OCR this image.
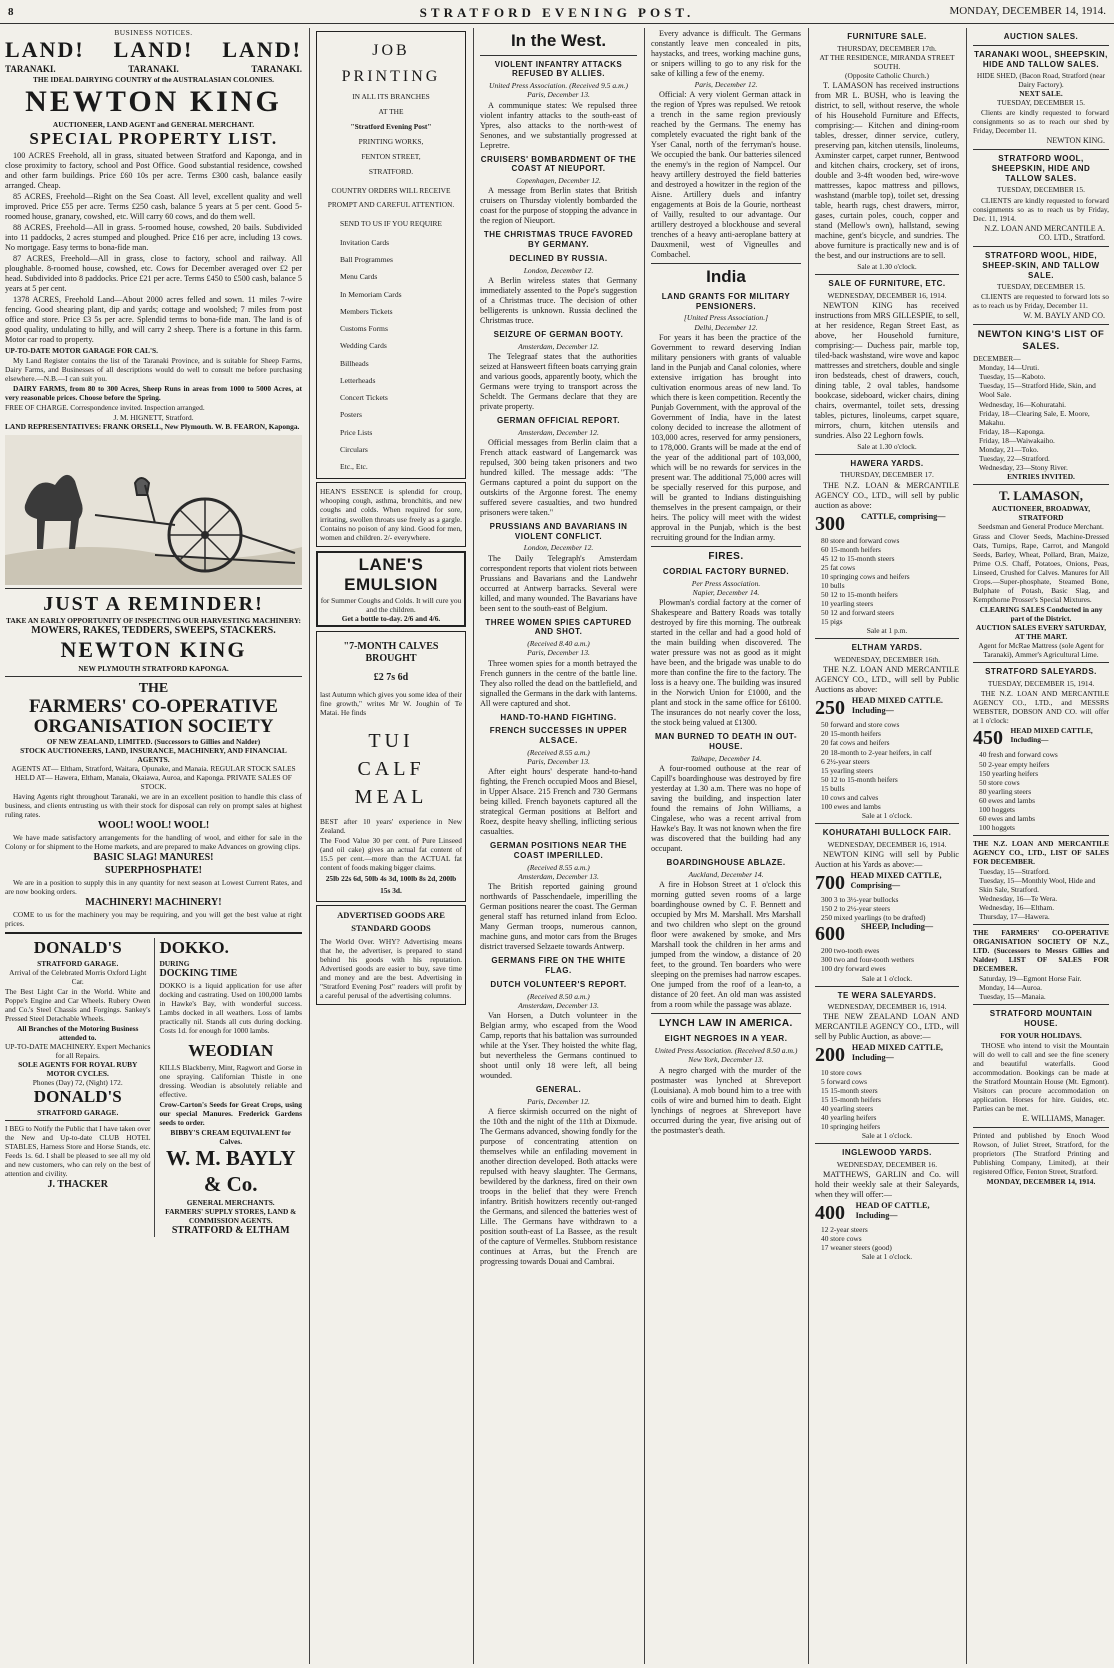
8	STRATFORD EVENING POST.	MONDAY, DECEMBER 14, 1914.
BUSINESS NOTICES.
LAND! LAND! LAND!
TARANAKI.	TARANAKI.	TARANAKI.
THE IDEAL DAIRYING COUNTRY of the AUSTRALASIAN COLONIES.
NEWTON KING
AUCTIONEER, LAND AGENT and GENERAL MERCHANT.
SPECIAL PROPERTY LIST.

100 ACRES Freehold, all in grass, situated between Stratford and Kaponga, and in close proximity to factory, school and Post Office. Good substantial residence, cowshed and other farm buildings. Price £60 10s per acre. Terms £300 cash, balance easily arranged. Cheap.

85 ACRES, Freehold—Right on the Sea Coast. All level, excellent quality and well improved. Price £55 per acre. Terms £250 cash, balance 5 years at 5 per cent. Good 5-roomed house, granary, cowshed, etc. Will carry 60 cows, and do them well.

88 ACRES, Freehold—All in grass. 5-roomed house, cowshed, 20 bails. Subdivided into 11 paddocks, 2 acres stumped and ploughed. Price £16 per acre, including 13 cows. No mortgage. Easy terms to bona-fide man.

87 ACRES, Freehold—All in grass, close to factory, school and railway. All ploughable. 8-roomed house, cowshed, etc. Cows for December averaged over £2 per head. Subdivided into 8 paddocks. Price £21 per acre. Terms £450 to £500 cash, balance 5 years at 5 per cent.

1378 ACRES, Freehold Land—About 2000 acres felled and sown. 11 miles 7-wire fencing. Good shearing plant, dip and yards; cottage and woolshed; 7 miles from post office and store. Price £3 5s per acre. Splendid terms to bona-fide man. The land is of good quality, undulating to hilly, and will carry 2 sheep. There is a fortune in this farm. Motor car road to property.

UP-TO-DATE MOTOR GARAGE FOR CAL'S.

My Land Register contains the list of the Taranaki Province, and is suitable for Sheep Farms, Dairy Farms, and Businesses of all descriptions would do well to consult me before purchasing elsewhere.—N.B.—I can suit you.

DAIRY FARMS, from 80 to 300 Acres, Sheep Runs in areas from 1000 to 5000 Acres, at very reasonable prices. Choose before the Spring.

FREE OF CHARGE. Correspondence invited. Inspection arranged.

J. M. HIGNETT, Stratford.
LAND REPRESENTATIVES: FRANK ORSELL, New Plymouth. W. B. FEARON, Kaponga.
JUST A REMINDER!
TAKE AN EARLY OPPORTUNITY OF INSPECTING OUR HARVESTING MACHINERY:
MOWERS, RAKES, TEDDERS, SWEEPS, STACKERS.
NEWTON KING
NEW PLYMOUTH STRATFORD KAPONGA.
THE
FARMERS' CO-OPERATIVE ORGANISATION SOCIETY
OF NEW ZEALAND, LIMITED. (Successors to Gillies and Nalder)
STOCK AUCTIONEERS, LAND, INSURANCE, MACHINERY, AND FINANCIAL AGENTS.
AGENTS AT— Eltham, Stratford, Waitara, Opunake, and Manaia. REGULAR STOCK SALES HELD AT— Hawera, Eltham, Manaia, Okaiawa, Auroa, and Kaponga. PRIVATE SALES OF STOCK.

Having Agents right throughout Taranaki, we are in an excellent position to handle this class of business, and clients entrusting us with their stock for disposal can rely on prompt sales at highest ruling rates.

WOOL! WOOL! WOOL!

We have made satisfactory arrangements for the handling of wool, and either for sale in the Colony or for shipment to the Home markets, and are prepared to make Advances on growing clips.

BASIC SLAG! MANURES!
SUPERPHOSPHATE!

We are in a position to supply this in any quantity for next season at Lowest Current Rates, and are now booking orders.

MACHINERY! MACHINERY!

COME to us for the machinery you may be requiring, and you will get the best value at right prices.

DONALD'S
STRATFORD GARAGE.
Arrival of the Celebrated Morris Oxford Light Car.

The Best Light Car in the World. White and Poppe's Engine and Car Wheels. Rubery Owen and Co.'s Steel Chassis and Forgings. Sankey's Pressed Steel Detachable Wheels.

All Branches of the Motoring Business attended to.
UP-TO-DATE MACHINERY. Expert Mechanics for all Repairs.
SOLE AGENTS FOR ROYAL RUBY MOTOR CYCLES.
Phones (Day) 72, (Night) 172.
DONALD'S
STRATFORD GARAGE.

I BEG to Notify the Public that I have taken over the New and Up-to-date CLUB HOTEL STABLES, Harness Store and Horse Stands, etc. Feeds 1s. 6d. I shall be pleased to see all my old and new customers, who can rely on the best of attention and civility.

J. THACKER
DOKKO.
DURING
DOCKING TIME

DOKKO is a liquid application for use after docking and castrating. Used on 100,000 lambs in Hawke's Bay, with wonderful success. Lambs docked in all weathers. Loss of lambs practically nil. Stands all cuts during docking. Costs 1d. for enough for 1000 lambs.

WEODIAN

KILLS Blackberry, Mint, Ragwort and Gorse in one spraying. Californian Thistle in one dressing. Weodian is absolutely reliable and effective.

Crow-Carton's Seeds for Great Crops, using our special Manures. Frederick Gardens seeds to order.

BIBBY'S CREAM EQUIVALENT for Calves.
W. M. BAYLY & Co.
GENERAL MERCHANTS.
FARMERS' SUPPLY STORES, LAND & COMMISSION AGENTS.
STRATFORD & ELTHAM
JOB
PRINTING
IN ALL ITS BRANCHES
AT THE
"Stratford Evening Post"
PRINTING WORKS,
FENTON STREET,
STRATFORD.
COUNTRY ORDERS WILL RECEIVE PROMPT AND CAREFUL ATTENTION.
SEND TO US IF YOU REQUIRE
Invitation Cards
Ball Programmes
Menu Cards
In Memoriam Cards
Members Tickets
Customs Forms
Wedding Cards
Billheads
Letterheads
Concert Tickets
Posters
Price Lists
Circulars
Etc., Etc.

HEAN'S ESSENCE is splendid for croup, whooping cough, asthma, bronchitis, and new coughs and colds. When required for sore, irritating, swollen throats use freely as a gargle. Contains no poison of any kind. Good for men, women and children. 2/- everywhere.

LANE'S EMULSION
for Summer Coughs and Colds. It will cure you and the children.
Get a bottle to-day. 2/6 and 4/6.
"7-MONTH CALVES BROUGHT
£2 7s 6d

last Autumn which gives you some idea of their fine growth," writes Mr W. Joughin of Te Matai. He finds

TUI
CALF
MEAL

BEST after 10 years' experience in New Zealand.

The Food Value 30 per cent. of Pure Linseed (and oil cake) gives an actual fat content of 15.5 per cent.—more than the ACTUAL fat content of foods making bigger claims.

25lb 22s 6d, 50lb 4s 3d, 100lb 8s 2d, 200lb 15s 3d.

ADVERTISED GOODS ARE STANDARD GOODS

The World Over. WHY? Advertising means that he, the advertiser, is prepared to stand behind his goods with his reputation. Advertised goods are easier to buy, save time and money and are the best. Advertising in "Stratford Evening Post" readers will profit by a careful perusal of the advertising columns.

In the West.
VIOLENT INFANTRY ATTACKS REFUSED BY ALLIES.
United Press Association. (Received 9.5 a.m.)
Paris, December 13.

A communique states: We repulsed three violent infantry attacks to the south-east of Ypres, also attacks to the north-west of Senones, and we substantially progressed at Lepretre.

CRUISERS' BOMBARDMENT OF THE COAST AT NIEUPORT.
Copenhagen, December 12.

A message from Berlin states that British cruisers on Thursday violently bombarded the coast for the purpose of stopping the advance in the region of Nieuport.

THE CHRISTMAS TRUCE FAVORED BY GERMANY.
DECLINED BY RUSSIA.
London, December 12.

A Berlin wireless states that Germany immediately assented to the Pope's suggestion of a Christmas truce. The decision of other belligerents is unknown. Russia declined the Christmas truce.

SEIZURE OF GERMAN BOOTY.
Amsterdam, December 12.

The Telegraaf states that the authorities seized at Hansweert fifteen boats carrying grain and various goods, apparently booty, which the Germans were trying to transport across the Scheldt. The Germans declare that they are private property.

GERMAN OFFICIAL REPORT.
Amsterdam, December 12.

Official messages from Berlin claim that a French attack eastward of Langemarck was repulsed, 300 being taken prisoners and two hundred killed. The message adds: "The Germans captured a point du support on the outskirts of the Argonne forest. The enemy suffered severe casualties, and two hundred prisoners were taken."

PRUSSIANS AND BAVARIANS IN VIOLENT CONFLICT.
London, December 12.

The Daily Telegraph's Amsterdam correspondent reports that violent riots between Prussians and Bavarians and the Landwehr occurred at Antwerp barracks. Several were killed, and many wounded. The Bavarians have been sent to the south-east of Belgium.

THREE WOMEN SPIES CAPTURED AND SHOT.
(Received 8.40 a.m.)
Paris, December 13.

Three women spies for a month betrayed the French gunners in the centre of the battle line. They also rolled the dead on the battlefield, and signalled the Germans in the dark with lanterns. All were captured and shot.

HAND-TO-HAND FIGHTING.
FRENCH SUCCESSES IN UPPER ALSACE.
(Received 8.55 a.m.)
Paris, December 13.

After eight hours' desperate hand-to-hand fighting, the French occupied Moos and Biesel, in Upper Alsace. 215 French and 730 Germans being killed. French bayonets captured all the strategical German positions at Belfort and Roez, despite heavy shelling, inflicting serious casualties.

GERMAN POSITIONS NEAR THE COAST IMPERILLED.
(Received 8.55 a.m.)
Amsterdam, December 13.

The British reported gaining ground northwards of Passchendaele, imperilling the German positions nearer the coast. The German general staff has returned inland from Ecloo. Many German troops, numerous cannon, machine guns, and motor cars from the Bruges district traversed Selzaete towards Antwerp.

GERMANS FIRE ON THE WHITE FLAG.
DUTCH VOLUNTEER'S REPORT.
(Received 8.50 a.m.)
Amsterdam, December 13.

Van Horsen, a Dutch volunteer in the Belgian army, who escaped from the Wood Camp, reports that his battalion was surrounded while at the Yser. They hoisted the white flag, but nevertheless the Germans continued to shoot until only 18 were left, all being wounded.

GENERAL.
Paris, December 12.

A fierce skirmish occurred on the night of the 10th and the night of the 11th at Dixmude. The Germans advanced, showing fondly for the purpose of concentrating attention on themselves while an enfilading movement in another direction developed. Both attacks were repulsed with heavy slaughter. The Germans, bewildered by the darkness, fired on their own troops in the belief that they were French infantry. British howitzers recently out-ranged the Germans, and silenced the batteries west of Lille. The Germans have withdrawn to a position south-east of La Bassee, as the result of the capture of Vermelles. Stubborn resistance continues at Arras, but the French are progressing towards Douai and Cambrai.

Every advance is difficult. The Germans constantly leave men concealed in pits, haystacks, and trees, working machine guns, or snipers willing to go to any risk for the sake of killing a few of the enemy.

Paris, December 12.

Official: A very violent German attack in the region of Ypres was repulsed. We retook a trench in the same region previously reached by the Germans. The enemy has completely evacuated the right bank of the Yser Canal, north of the ferryman's house. We occupied the bank. Our batteries silenced the enemy's in the region of Nampcel. Our heavy artillery destroyed the field batteries and destroyed a howitzer in the region of the Aisne. Artillery duels and infantry engagements at Bois de la Gourie, northeast of Vailly, resulted to our advantage. Our artillery destroyed a blockhouse and several trenches of a heavy anti-aeroplane battery at Dauxmenil, west of Vigneulles and Combachel.

India
LAND GRANTS FOR MILITARY PENSIONERS.
[United Press Association.]
Delhi, December 12.

For years it has been the practice of the Government to reward deserving Indian military pensioners with grants of valuable land in the Punjab and Canal colonies, where extensive irrigation has brought into cultivation enormous areas of new land. To which there is keen competition. Recently the Punjab Government, with the approval of the Government of India, have in the latest colony decided to increase the allotment of 103,000 acres, reserved for army pensioners, to 178,000. Grants will be made at the end of the year of the additional part of 103,000, which will be no rewards for services in the present war. The additional 75,000 acres will be specially reserved for this purpose, and will be granted to Indians distinguishing themselves in the present campaign, or their heirs. The policy will meet with the widest approval in the Punjab, which is the best recruiting ground for the Indian army.

FIRES.
CORDIAL FACTORY BURNED.
Per Press Association.
Napier, December 14.

Plowman's cordial factory at the corner of Shakespeare and Battery Roads was totally destroyed by fire this morning. The outbreak started in the cellar and had a good hold of the main building when discovered. The water pressure was not as good as it might have been, and the brigade was unable to do more than confine the fire to the factory. The loss is a heavy one. The building was insured in the Norwich Union for £1000, and the plant and stock in the same office for £6100. The insurances do not nearly cover the loss, the stock being valued at £1300.

MAN BURNED TO DEATH IN OUT-HOUSE.
Taihape, December 14.

A four-roomed outhouse at the rear of Capill's boardinghouse was destroyed by fire yesterday at 1.30 a.m. There was no hope of saving the building, and inspection later found the remains of John Williams, a Cingalese, who was a recent arrival from Hawke's Bay. It was not known when the fire was discovered that the building had any occupant.

BOARDINGHOUSE ABLAZE.
Auckland, December 14.

A fire in Hobson Street at 1 o'clock this morning gutted seven rooms of a large boardinghouse owned by C. F. Bennett and occupied by Mrs M. Marshall. Mrs Marshall and two children who slept on the ground floor were awakened by smoke, and Mrs Marshall took the children in her arms and jumped from the window, a distance of 20 feet, to the ground. Ten boarders who were sleeping on the premises had narrow escapes. One jumped from the roof of a lean-to, a distance of 20 feet. An old man was assisted from a room while the passage was ablaze.

LYNCH LAW IN AMERICA.
EIGHT NEGROES IN A YEAR.
United Press Association. (Received 8.50 a.m.)
New York, December 13.

A negro charged with the murder of the postmaster was lynched at Shreveport (Louisiana). A mob bound him to a tree with coils of wire and burned him to death. Eight lynchings of negroes at Shreveport have occurred during the year, five arising out of the postmaster's death.

FURNITURE SALE.
THURSDAY, DECEMBER 17th.
AT THE RESIDENCE, MIRANDA STREET SOUTH.
(Opposite Catholic Church.)

T. LAMASON has received instructions from MR L. BUSH, who is leaving the district, to sell, without reserve, the whole of his Household Furniture and Effects, comprising:— Kitchen and dining-room tables, dresser, dinner service, cutlery, preserving pan, kitchen utensils, linoleums, Axminster carpet, carpet runner, Bentwood and kitchen chairs, crockery, set of irons, double and 3-4ft wooden bed, wire-wove mattresses, kapoc mattress and pillows, washstand (marble top), toilet set, dressing table, hearth rugs, chest drawers, mirror, gases, curtain poles, couch, copper and stand (Mellow's own), hallstand, sewing machine, gent's bicycle, and sundries. The above furniture is practically new and is of the best, and our instructions are to sell.

Sale at 1.30 o'clock.
SALE OF FURNITURE, ETC.
WEDNESDAY, DECEMBER 16, 1914.

NEWTON KING has received instructions from MRS GILLESPIE, to sell, at her residence, Regan Street East, as above, her Household furniture, comprising:— Duchess pair, marble top, tiled-back washstand, wire wove and kapoc mattresses and stretchers, double and single iron bedsteads, chest of drawers, couch, dining table, 2 oval tables, handsome bookcase, sideboard, wicker chairs, dining chairs, overmantel, toilet sets, dressing tables, pictures, linoleums, carpet square, mirrors, churn, kitchen utensils and sundries. Also 22 Leghorn fowls.

Sale at 1.30 o'clock.
HAWERA YARDS.
THURSDAY, DECEMBER 17.

THE N.Z. LOAN & MERCANTILE AGENCY CO., LTD., will sell by public auction as above:

300	CATTLE, comprising—
80 store and forward cows
60 15-month heifers
45 12 to 15-month steers
25 fat cows
10 springing cows and heifers
10 bulls
50 12 to 15-month heifers
10 yearling steers
50 12 and forward steers
15 pigs
Sale at 1 p.m.
ELTHAM YARDS.
WEDNESDAY, DECEMBER 16th.

THE N.Z. LOAN AND MERCANTILE AGENCY CO., LTD., will sell by Public Auctions as above:

250 HEAD MIXED CATTLE. Including—
50 forward and store cows
20 15-month heifers
20 fat cows and heifers
20 18-month to 2-year heifers, in calf
6 2½-year steers
15 yearling steers
50 12 to 15-month heifers
15 bulls
10 cows and calves
100 ewes and lambs
Sale at 1 o'clock.
KOHURATAHI BULLOCK FAIR.
WEDNESDAY, DECEMBER 16, 1914.

NEWTON KING will sell by Public Auction at his Yards as above:—

700 HEAD MIXED CATTLE, Comprising—
300 3 to 3½-year bullocks
150 2 to 2½-year steers
250 mixed yearlings (to be drafted)
600	SHEEP, Including—
200 two-tooth ewes
300 two and four-tooth wethers
100 dry forward ewes
Sale at 1 o'clock.
TE WERA SALEYARDS.
WEDNESDAY, DECEMBER 16, 1914.

THE NEW ZEALAND LOAN AND MERCANTILE AGENCY CO., LTD., will sell by Public Auction, as above:—

200 HEAD MIXED CATTLE, Including—
10 store cows
5 forward cows
15 15-month steers
15 15-month heifers
40 yearling steers
40 yearling heifers
10 springing heifers
Sale at 1 o'clock.
INGLEWOOD YARDS.
WEDNESDAY, DECEMBER 16.

MATTHEWS, GARLIN and Co. will hold their weekly sale at their Saleyards, when they will offer:—

400	HEAD OF CATTLE, Including—
12 2-year steers
40 store cows
17 weaner steers (good)
Sale at 1 o'clock.
AUCTION SALES.
TARANAKI WOOL, SHEEPSKIN, HIDE AND TALLOW SALES.
HIDE SHED, (Bacon Road, Stratford (near Dairy Factory).
NEXT SALE.
TUESDAY, DECEMBER 15.

Clients are kindly requested to forward consignments so as to reach our shed by Friday, December 11.

NEWTON KING.
STRATFORD WOOL, SHEEPSKIN, HIDE AND TALLOW SALES.
TUESDAY, DECEMBER 15.

CLIENTS are kindly requested to forward consignments so as to reach us by Friday, Dec. 11, 1914.

N.Z. LOAN AND MERCANTILE A. CO. LTD., Stratford.
STRATFORD WOOL, HIDE, SHEEP-SKIN, AND TALLOW SALE.
TUESDAY, DECEMBER 15.

CLIENTS are requested to forward lots so as to reach us by Friday, December 11.

W. M. BAYLY AND CO.
NEWTON KING'S LIST OF SALES.
DECEMBER—
Monday, 14—Uruti.
Tuesday, 15—Kaboto.
Tuesday, 15—Stratford Hide, Skin, and Wool Sale.
Wednesday, 16—Kohuratahi.
Friday, 18—Clearing Sale, E. Moore, Makahu.
Friday, 18—Kaponga.
Friday, 18—Waiwakaiho.
Monday, 21—Toko.
Tuesday, 22—Stratford.
Wednesday, 23—Stony River.
ENTRIES INVITED.
T. LAMASON,
AUCTIONEER, BROADWAY, STRATFORD
Seedsman and General Produce Merchant.

Grass and Clover Seeds, Machine-Dressed Oats, Turnips, Rape, Carrot, and Mangold Seeds, Barley, Wheat, Pollard, Bran, Maize, Prime O.S. Chaff, Potatoes, Onions, Peas, Linseed, Crushed for Calves. Manures for All Crops.—Super-phosphate, Steamed Bone, Bulphate of Potash, Basic Slag, and Kempthorne Prosser's Special Mixtures.

CLEARING SALES Conducted in any part of the District.
AUCTION SALES EVERY SATURDAY, AT THE MART.
Agent for McRae Mattress (sole Agent for Taranaki), Ammer's Agricultural Lime.
STRATFORD SALEYARDS.
TUESDAY, DECEMBER 15, 1914.

THE N.Z. LOAN AND MERCANTILE AGENCY CO., LTD., and MESSRS WEBSTER, DOBSON AND CO. will offer at 1 o'clock:

450	HEAD MIXED CATTLE, Including—
40 fresh and forward cows
50 2-year empty heifers
150 yearling heifers
50 store cows
80 yearling steers
60 ewes and lambs
100 hoggets
60 ewes and lambs
100 hoggets

THE N.Z. LOAN AND MERCANTILE AGENCY CO., LTD., LIST OF SALES FOR DECEMBER.

Tuesday, 15—Stratford.
Tuesday, 15—Monthly Wool, Hide and Skin Sale, Stratford.
Wednesday, 16—Te Wera.
Wednesday, 16—Eltham.
Thursday, 17—Hawera.

THE FARMERS' CO-OPERATIVE ORGANISATION SOCIETY OF N.Z., LTD. (Successors to Messrs Gillies and Nalder) LIST OF SALES FOR DECEMBER.

Saturday, 19—Egmont Horse Fair.
Monday, 14—Auroa.
Tuesday, 15—Manaia.
STRATFORD MOUNTAIN HOUSE.
FOR YOUR HOLIDAYS.

THOSE who intend to visit the Mountain will do well to call and see the fine scenery and beautiful waterfalls. Good accommodation. Bookings can be made at the Stratford Mountain House (Mt. Egmont). Visitors can procure accommodation on application. Horses for hire. Guides, etc. Parties can be met.

E. WILLIAMS, Manager.

Printed and published by Enoch Wood Rowson, of Juliet Street, Stratford, for the proprietors (The Stratford Printing and Publishing Company, Limited), at their registered Office, Fenton Street, Stratford.

MONDAY, DECEMBER 14, 1914.
